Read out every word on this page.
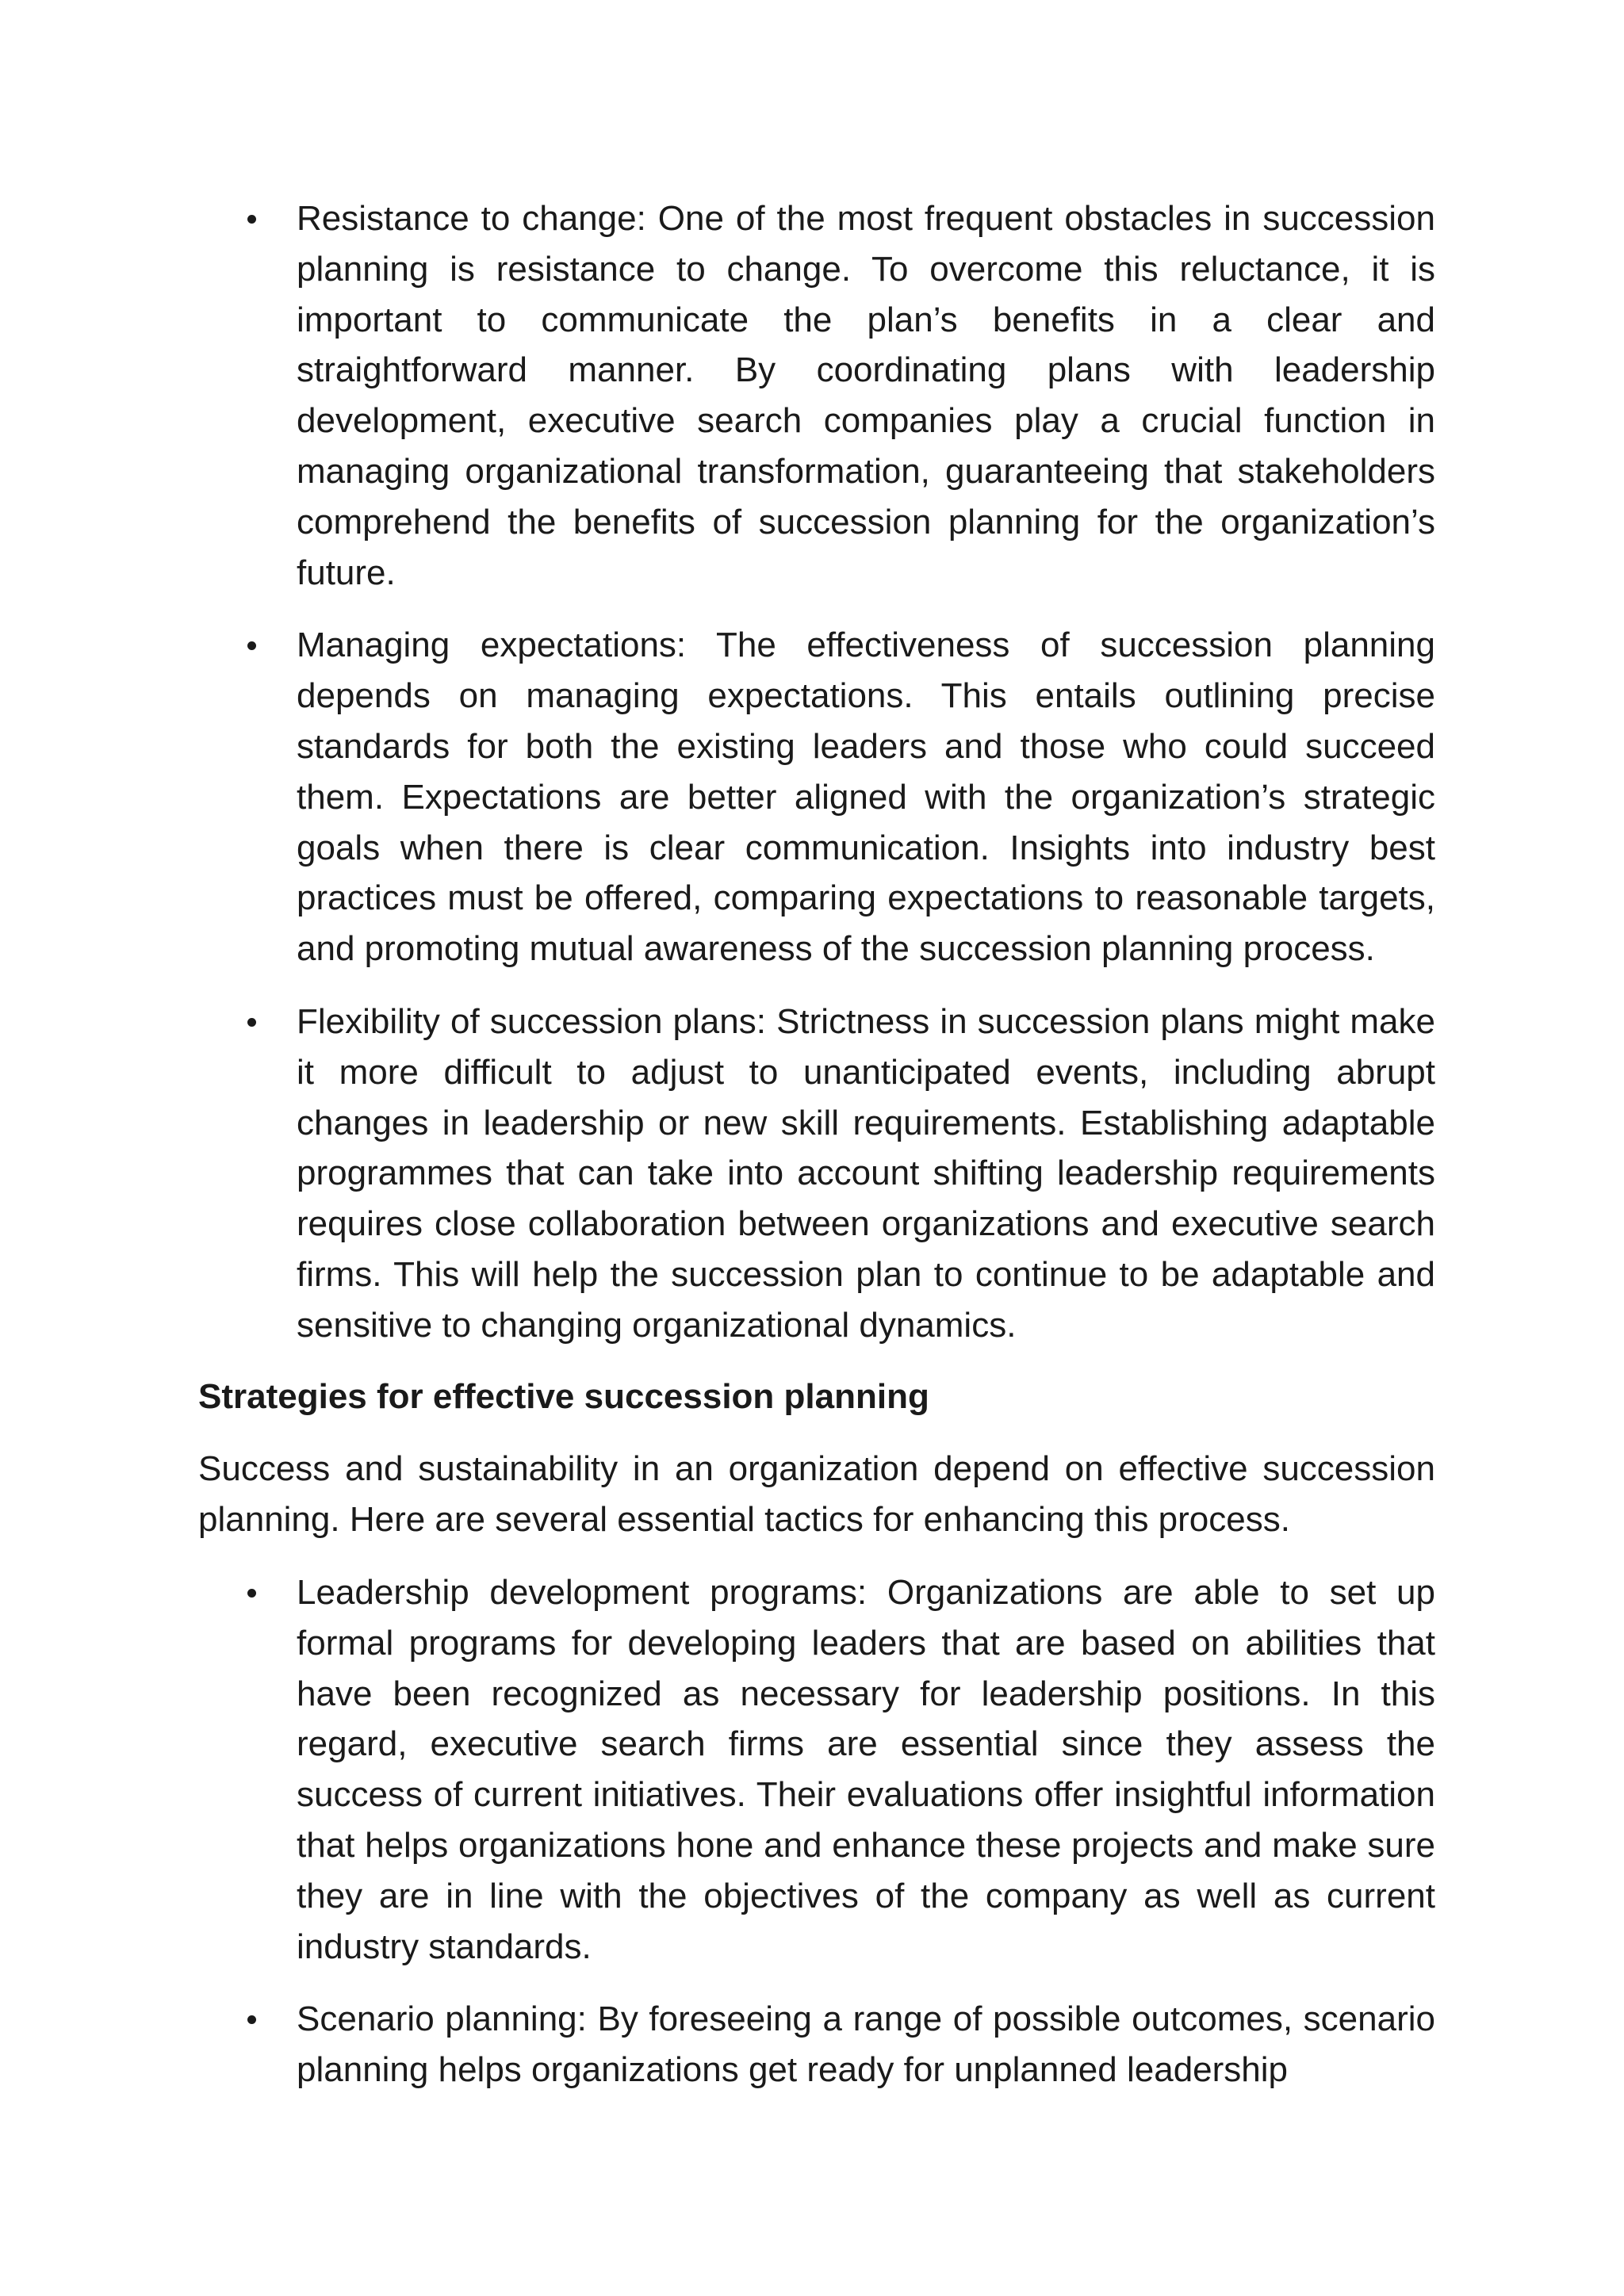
Resistance to change: One of the most frequent obstacles in succession planning is resistance to change. To overcome this reluctance, it is important to communicate the plan’s benefits in a clear and straightforward manner. By coordinating plans with leadership development, executive search companies play a crucial function in managing organizational transformation, guaranteeing that stakeholders comprehend the benefits of succession planning for the organization’s future.
Managing expectations: The effectiveness of succession planning depends on managing expectations. This entails outlining precise standards for both the existing leaders and those who could succeed them. Expectations are better aligned with the organization’s strategic goals when there is clear communication. Insights into industry best practices must be offered, comparing expectations to reasonable targets, and promoting mutual awareness of the succession planning process.
Flexibility of succession plans: Strictness in succession plans might make it more difficult to adjust to unanticipated events, including abrupt changes in leadership or new skill requirements. Establishing adaptable programmes that can take into account shifting leadership requirements requires close collaboration between organizations and executive search firms. This will help the succession plan to continue to be adaptable and sensitive to changing organizational dynamics.
Strategies for effective succession planning

Success and sustainability in an organization depend on effective succession planning. Here are several essential tactics for enhancing this process.

Leadership development programs: Organizations are able to set up formal programs for developing leaders that are based on abilities that have been recognized as necessary for leadership positions. In this regard, executive search firms are essential since they assess the success of current initiatives. Their evaluations offer insightful information that helps organizations hone and enhance these projects and make sure they are in line with the objectives of the company as well as current industry standards.
Scenario planning: By foreseeing a range of possible outcomes, scenario planning helps organizations get ready for unplanned leadership
